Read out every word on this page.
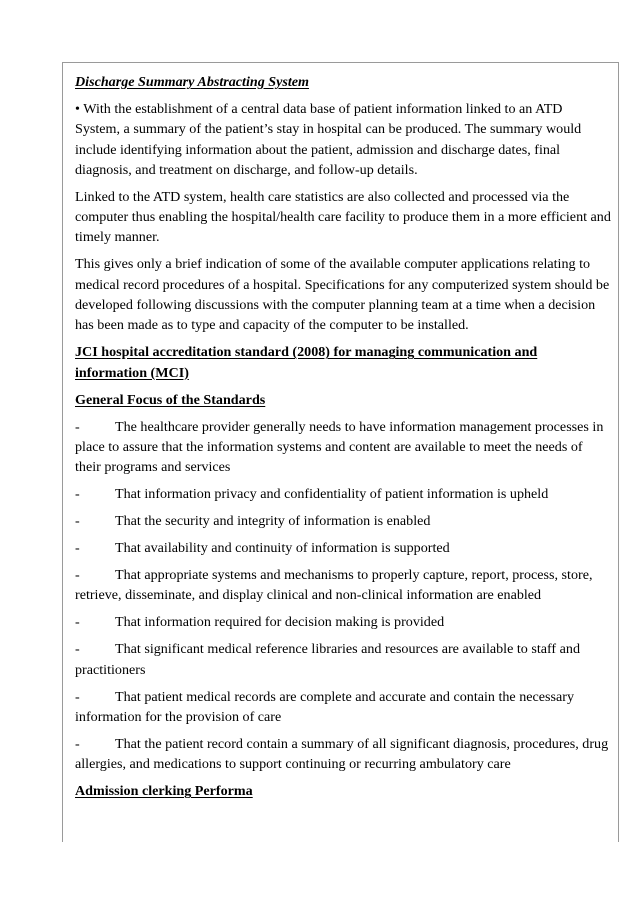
Discharge Summary Abstracting System

• With the establishment of a central data base of patient information linked to an ATD System, a summary of the patient’s stay in hospital can be produced. The summary would include identifying information about the patient, admission and discharge dates, final diagnosis, and treatment on discharge, and follow-up details.

Linked to the ATD system, health care statistics are also collected and processed via the computer thus enabling the hospital/health care facility to produce them in a more efficient and timely manner.

This gives only a brief indication of some of the available computer applications relating to medical record procedures of a hospital. Specifications for any computerized system should be developed following discussions with the computer planning team at a time when a decision has been made as to type and capacity of the computer to be installed.

JCI hospital accreditation standard (2008) for managing communication and information (MCI)

General Focus of the Standards

-	The healthcare provider generally needs to have information management processes in place to assure that the information systems and content are available to meet the needs of their programs and services

-	That information privacy and confidentiality of patient information is upheld

-	That the security and integrity of information is enabled

-	That availability and continuity of information is supported

-	That appropriate systems and mechanisms to properly capture, report, process, store, retrieve, disseminate, and display clinical and non-clinical information are enabled

-	That information required for decision making is provided

-	That significant medical reference libraries and resources are available to staff and practitioners

-	That patient medical records are complete and accurate and contain the necessary information for the provision of care

-	That the patient record contain a summary of all significant diagnosis, procedures, drug allergies, and medications to support continuing or recurring ambulatory care

Admission clerking Performa
